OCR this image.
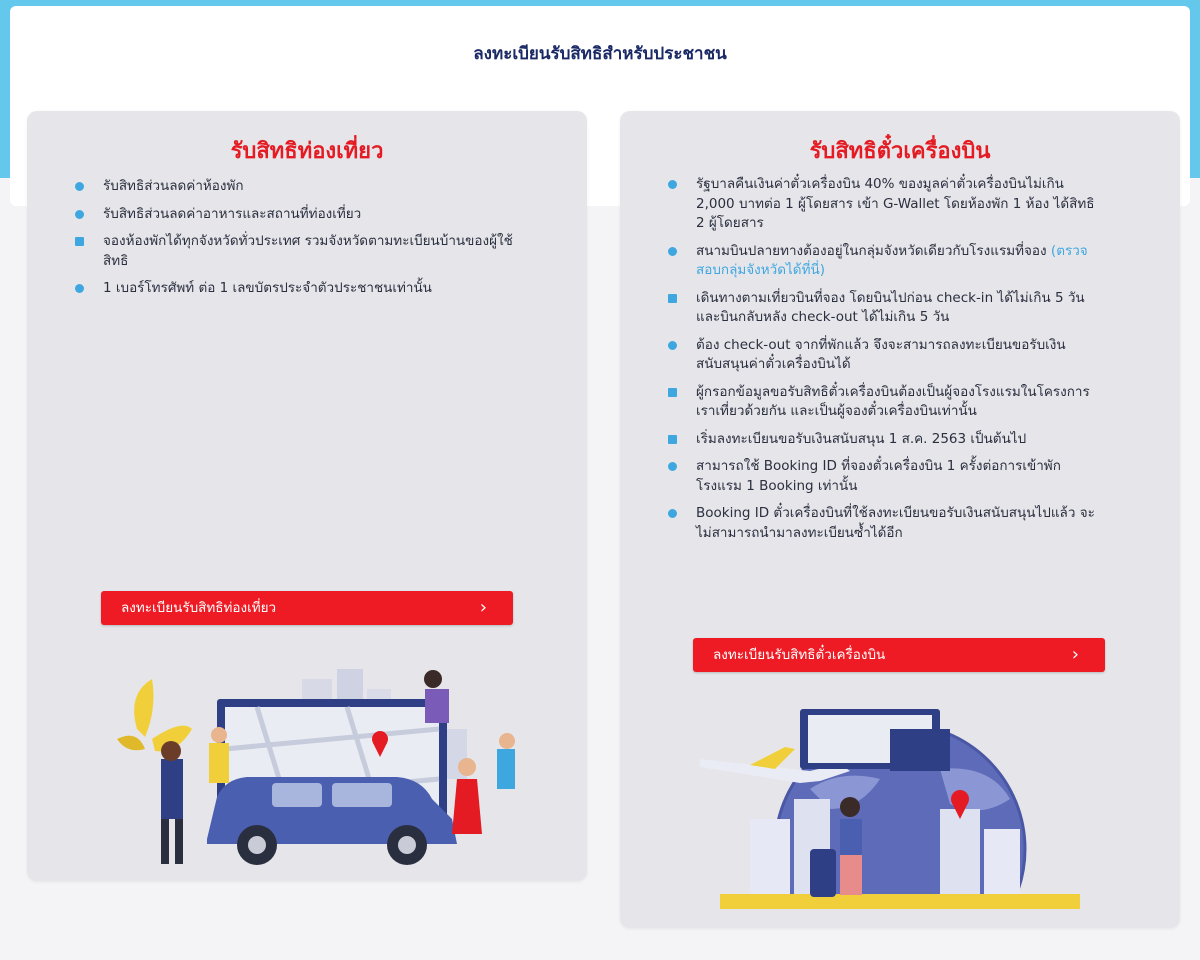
ลงทะเบียนรับสิทธิสำหรับประชาชน
รับสิทธิท่องเที่ยว
รับสิทธิส่วนลดค่าห้องพัก
รับสิทธิส่วนลดค่าอาหารและสถานที่ท่องเที่ยว
จองห้องพักได้ทุกจังหวัดทั่วประเทศ รวมจังหวัดตามทะเบียนบ้านของผู้ใช้สิทธิ
1 เบอร์โทรศัพท์ ต่อ 1 เลขบัตรประจำตัวประชาชนเท่านั้น
ลงทะเบียนรับสิทธิท่องเที่ยว	›
รับสิทธิตั๋วเครื่องบิน
รัฐบาลคืนเงินค่าตั๋วเครื่องบิน 40% ของมูลค่าตั๋วเครื่องบินไม่เกิน 2,000 บาทต่อ 1 ผู้โดยสาร เข้า G-Wallet โดยห้องพัก 1 ห้อง ได้สิทธิ 2 ผู้โดยสาร
สนามบินปลายทางต้องอยู่ในกลุ่มจังหวัดเดียวกับโรงแรมที่จอง (ตรวจสอบกลุ่มจังหวัดได้ที่นี่)
เดินทางตามเที่ยวบินที่จอง โดยบินไปก่อน check-in ได้ไม่เกิน 5 วัน และบินกลับหลัง check-out ได้ไม่เกิน 5 วัน
ต้อง check-out จากที่พักแล้ว จึงจะสามารถลงทะเบียนขอรับเงินสนับสนุนค่าตั๋วเครื่องบินได้
ผู้กรอกข้อมูลขอรับสิทธิตั๋วเครื่องบินต้องเป็นผู้จองโรงแรมในโครงการเราเที่ยวด้วยกัน และเป็นผู้จองตั๋วเครื่องบินเท่านั้น
เริ่มลงทะเบียนขอรับเงินสนับสนุน 1 ส.ค. 2563 เป็นต้นไป
สามารถใช้ Booking ID ที่จองตั๋วเครื่องบิน 1 ครั้งต่อการเข้าพักโรงแรม 1 Booking เท่านั้น
Booking ID ตั๋วเครื่องบินที่ใช้ลงทะเบียนขอรับเงินสนับสนุนไปแล้ว จะไม่สามารถนำมาลงทะเบียนซ้ำได้อีก
ลงทะเบียนรับสิทธิตั๋วเครื่องบิน	›
